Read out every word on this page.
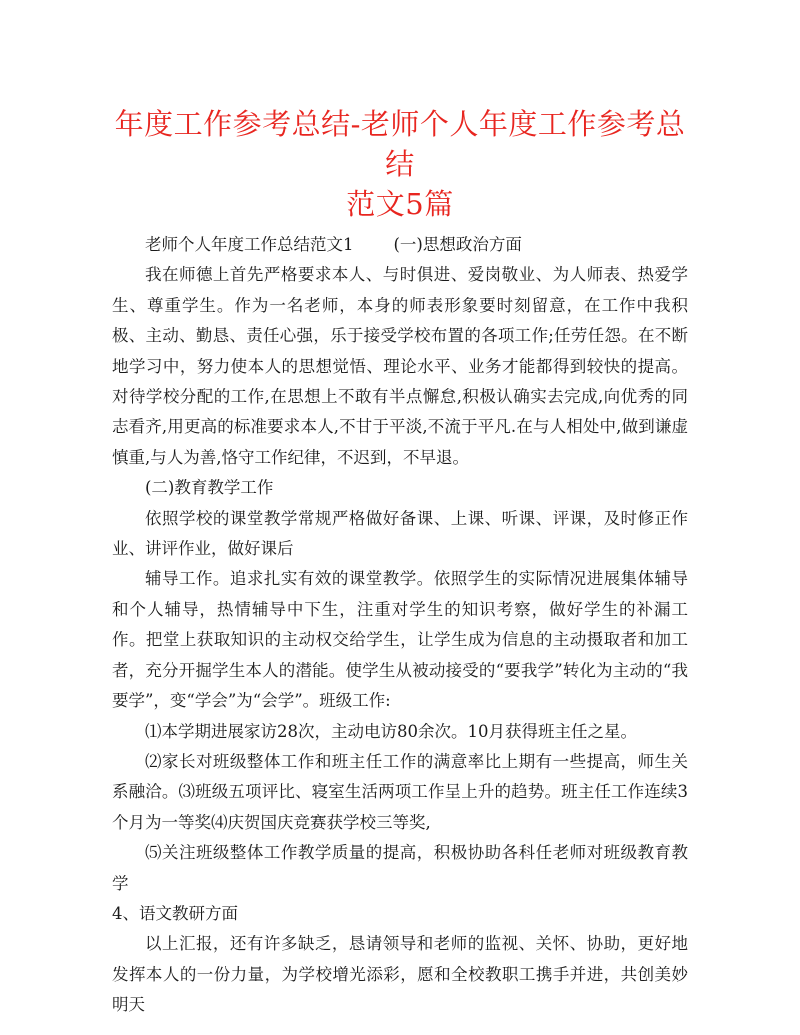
年度工作参考总结-老师个人年度工作参考总结
范文5篇

老师个人年度工作总结范文1 (一)思想政治方面

我在师德上首先严格要求本人、与时俱进、爱岗敬业、为人师表、热爱学生、尊重学生。作为一名老师，本身的师表形象要时刻留意，在工作中我积极、主动、勤恳、责任心强，乐于接受学校布置的各项工作;任劳任怨。在不断地学习中，努力使本人的思想觉悟、理论水平、业务才能都得到较快的提高。对待学校分配的工作,在思想上不敢有半点懈怠,积极认确实去完成,向优秀的同志看齐,用更高的标准要求本人,不甘于平淡,不流于平凡.在与人相处中,做到谦虚慎重,与人为善,恪守工作纪律，不迟到，不早退。

(二)教育教学工作

依照学校的课堂教学常规严格做好备课、上课、听课、评课，及时修正作业、讲评作业，做好课后

辅导工作。追求扎实有效的课堂教学。依照学生的实际情况进展集体辅导和个人辅导，热情辅导中下生，注重对学生的知识考察，做好学生的补漏工作。把堂上获取知识的主动权交给学生，让学生成为信息的主动摄取者和加工者，充分开掘学生本人的潜能。使学生从被动接受的“要我学”转化为主动的“我要学”，变“学会”为“会学”。班级工作:

⑴本学期进展家访28次，主动电访80余次。10月获得班主任之星。

⑵家长对班级整体工作和班主任工作的满意率比上期有一些提高，师生关系融洽。⑶班级五项评比、寝室生活两项工作呈上升的趋势。班主任工作连续3个月为一等奖⑷庆贺国庆竞赛获学校三等奖,

⑸关注班级整体工作教学质量的提高，积极协助各科任老师对班级教育教学

4、语文教研方面

以上汇报，还有许多缺乏，恳请领导和老师的监视、关怀、协助，更好地发挥本人的一份力量，为学校增光添彩，愿和全校教职工携手并进，共创美妙明天
